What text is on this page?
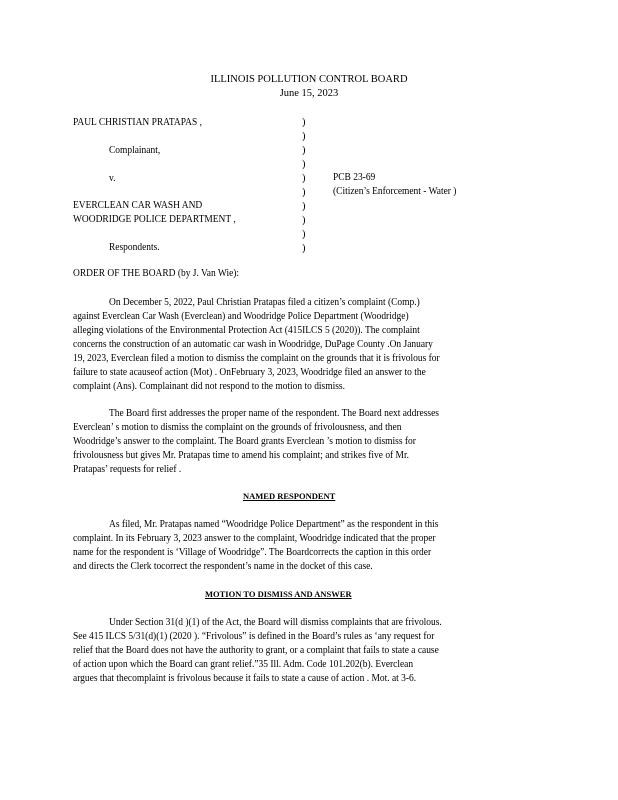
ILLINOIS POLLUTION CONTROL BOARD
June 15, 2023
PAUL CHRISTIAN PRATAPAS ,
Complainant,
v.
EVERCLEAN CAR WASH AND
WOODRIDGE POLICE DEPARTMENT ,
Respondents.
PCB 23-69
(Citizen’s Enforcement - Water )
)
)
)
)
)
)
)
)
)
)
ORDER OF THE BOARD (by J. Van Wie):
On December 5, 2022, Paul Christian Pratapas filed a citizen’s complaint (Comp.)
against Everclean Car Wash (Everclean) and Woodridge Police Department (Woodridge)
alleging violations of the Environmental Protection Act (415ILCS 5 (2020)). The complaint
concerns the construction of an automatic car wash in Woodridge, DuPage County .On January
19, 2023, Everclean filed a motion to dismiss the complaint on the grounds that it is frivolous for
failure to state acauseof action (Mot) . OnFebruary 3, 2023, Woodridge filed an answer to the
complaint (Ans). Complainant did not respond to the motion to dismiss.
The Board first addresses the proper name of the respondent. The Board next addresses
Everclean’ s motion to dismiss the complaint on the grounds of frivolousness, and then
Woodridge’s answer to the complaint. The Board grants Everclean ’s motion to dismiss for
frivolousness but gives Mr. Pratapas time to amend his complaint; and strikes five of Mr.
Pratapas’ requests for relief .
NAMED RESPONDENT
As filed, Mr. Pratapas named “Woodridge Police Department” as the respondent in this
complaint. In its February 3, 2023 answer to the complaint, Woodridge indicated that the proper
name for the respondent is ‘Village of Woodridge”. The Boardcorrects the caption in this order
and directs the Clerk tocorrect the respondent’s name in the docket of this case.
MOTION TO DISMISS AND ANSWER
Under Section 31(d )(1) of the Act, the Board will dismiss complaints that are frivolous.
See 415 ILCS 5/31(d)(1) (2020 ). “Frivolous” is defined in the Board’s rules as ‘any request for
relief that the Board does not have the authority to grant, or a complaint that fails to state a cause
of action upon which the Board can grant relief.”35 Ill. Adm. Code 101.202(b). Everclean
argues that thecomplaint is frivolous because it fails to state a cause of action . Mot. at 3-6.
